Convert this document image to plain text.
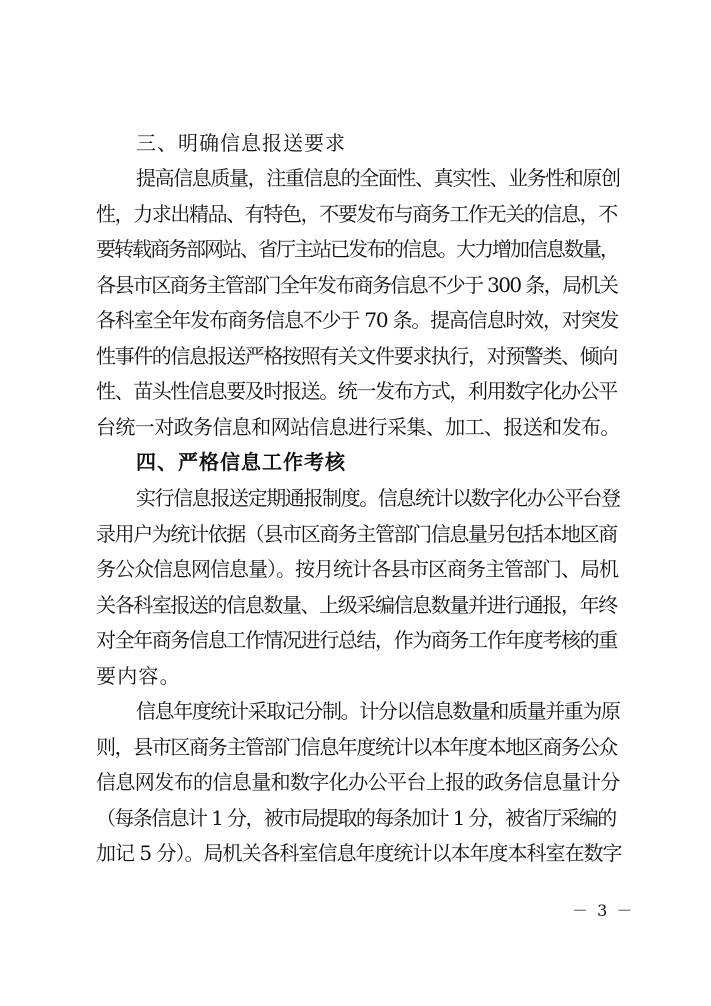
三、明确信息报送要求
提高信息质量，注重信息的全面性、真实性、业务性和原创
性，力求出精品、有特色，不要发布与商务工作无关的信息，不
要转载商务部网站、省厅主站已发布的信息。大力增加信息数量，
各县市区商务主管部门全年发布商务信息不少于 300 条，局机关
各科室全年发布商务信息不少于 70 条。提高信息时效，对突发
性事件的信息报送严格按照有关文件要求执行，对预警类、倾向
性、苗头性信息要及时报送。统一发布方式，利用数字化办公平
台统一对政务信息和网站信息进行采集、加工、报送和发布。
四、严格信息工作考核
实行信息报送定期通报制度。信息统计以数字化办公平台登
录用户为统计依据（县市区商务主管部门信息量另包括本地区商
务公众信息网信息量）。按月统计各县市区商务主管部门、局机
关各科室报送的信息数量、上级采编信息数量并进行通报，年终
对全年商务信息工作情况进行总结，作为商务工作年度考核的重
要内容。
信息年度统计采取记分制。计分以信息数量和质量并重为原
则，县市区商务主管部门信息年度统计以本年度本地区商务公众
信息网发布的信息量和数字化办公平台上报的政务信息量计分
（每条信息计 1 分，被市局提取的每条加计 1 分，被省厅采编的
加记 5 分）。局机关各科室信息年度统计以本年度本科室在数字
－ 3 －
